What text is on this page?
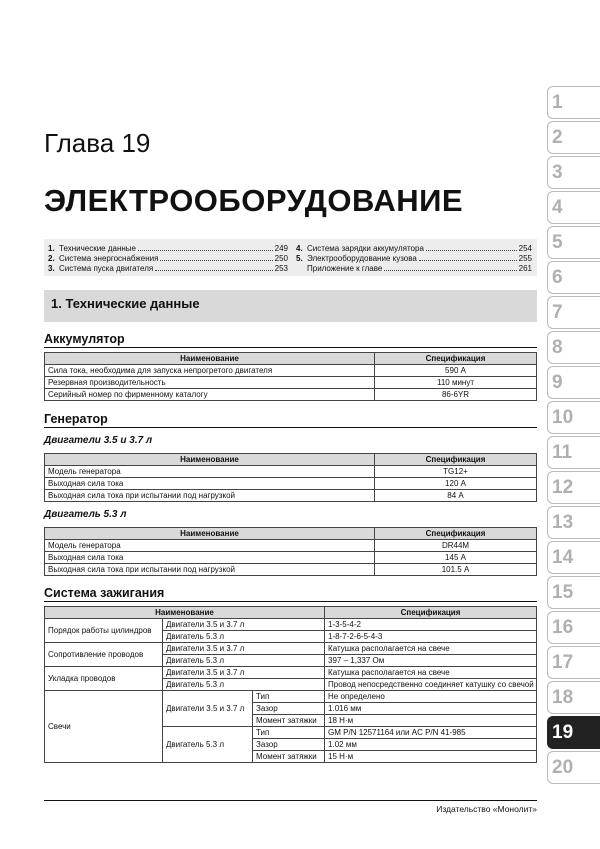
Глава 19
ЭЛЕКТРООБОРУДОВАНИЕ
1. Технические данные	249
2. Система энергоснабжения	250
3. Система пуска двигателя	253
4. Система зарядки аккумулятора	254
5. Электрооборудование кузова	255
Приложение к главе	261
1. Технические данные
Аккумулятор
Наименование	Спецификация
Сила тока, необходима для запуска непрогретого двигателя	590 А
Резервная производительность	110 минут
Серийный номер по фирменному каталогу	86-6YR
Генератор
Двигатели 3.5 и 3.7 л
Наименование	Спецификация
Модель генератора	TG12+
Выходная сила тока	120 А
Выходная сила тока при испытании под нагрузкой	84 А
Двигатель 5.3 л
Наименование	Спецификация
Модель генератора	DR44M
Выходная сила тока	145 А
Выходная сила тока при испытании под нагрузкой	101.5 А
Система зажигания
Наименование			Спецификация
Порядок работы цилиндров	Двигатели 3.5 и 3.7 л		1-3-5-4-2
	Двигатель 5.3 л		1-8-7-2-6-5-4-3
Сопротивление проводов	Двигатели 3.5 и 3.7 л		Катушка располагается на свече
	Двигатель 5.3 л		397 – 1,337 Ом
Укладка проводов	Двигатели 3.5 и 3.7 л		Катушка располагается на свече
	Двигатель 5.3 л		Провод непосредственно соединяет катушку со свечой
Свечи	Двигатели 3.5 и 3.7 л	Тип	Не определено
		Зазор	1.016 мм
		Момент затяжки	18 Н·м
	Двигатель 5.3 л	Тип	GM P/N 12571164 или AC P/N 41-985
		Зазор	1.02 мм
		Момент затяжки	15 Н·м
1
2
3
4
5
6
7
8
9
10
11
12
13
14
15
16
17
18
19
20
Издательство «Монолит»
